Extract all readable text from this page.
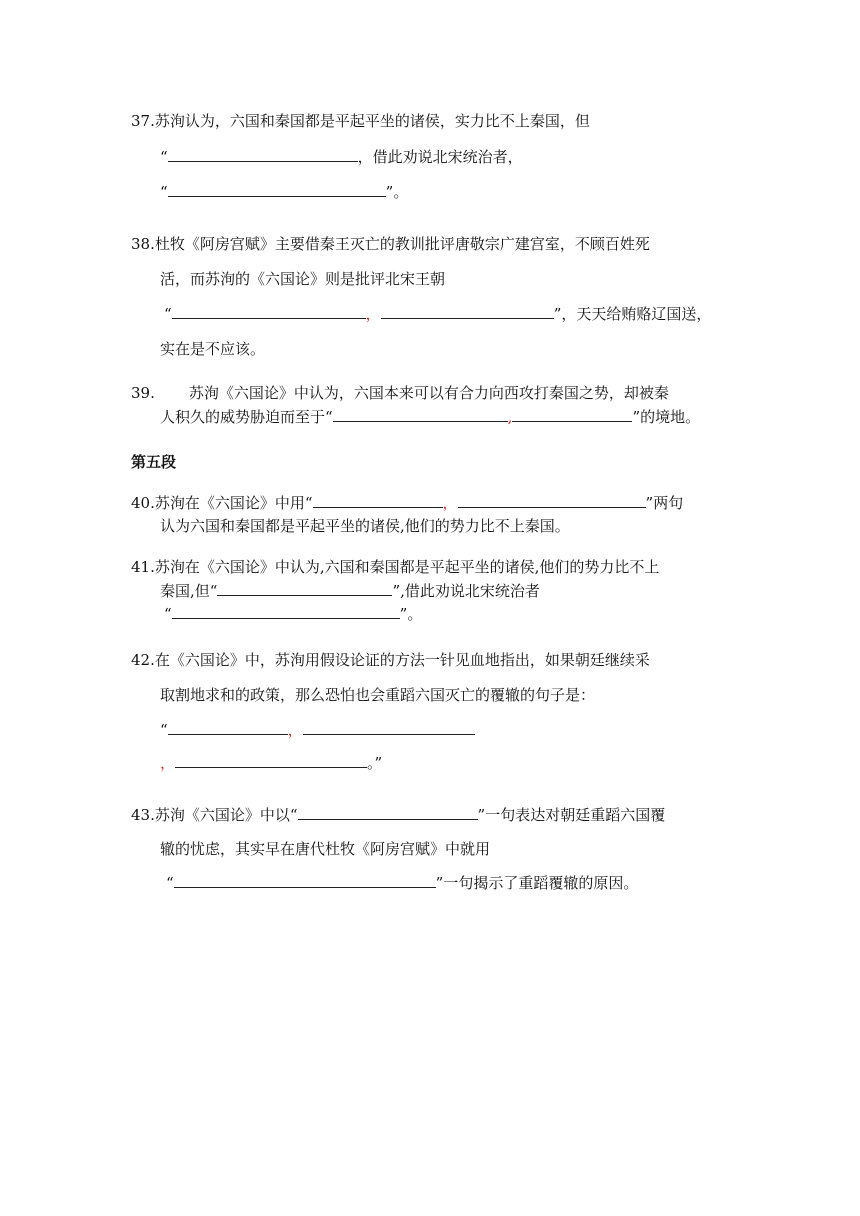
37.苏洵认为，六国和秦国都是平起平坐的诸侯，实力比不上秦国，但
“	，借此劝说北宋统治者，
“	”。
38.杜牧《阿房宫赋》主要借秦王灭亡的教训批评唐敬宗广建宫室，不顾百姓死
活，而苏洵的《六国论》则是批评北宋王朝
“	，	”，天天给贿赂辽国送，
实在是不应该。
39. 苏洵《六国论》中认为，六国本来可以有合力向西攻打秦国之势，却被秦
人积久的威势胁迫而至于“	,	”的境地。
第五段
40.苏洵在《六国论》中用“	，	”两句
认为六国和秦国都是平起平坐的诸侯,他们的势力比不上秦国。
41.苏洵在《六国论》中认为,六国和秦国都是平起平坐的诸侯,他们的势力比不上
秦国,但“	”,借此劝说北宋统治者
“	”。
42.在《六国论》中，苏洵用假设论证的方法一针见血地指出，如果朝廷继续采
取割地求和的政策，那么恐怕也会重蹈六国灭亡的覆辙的句子是：
“	，
，	。”
43.苏洵《六国论》中以“	”一句表达对朝廷重蹈六国覆
辙的忧虑，其实早在唐代杜牧《阿房宫赋》中就用
“	”一句揭示了重蹈覆辙的原因。
